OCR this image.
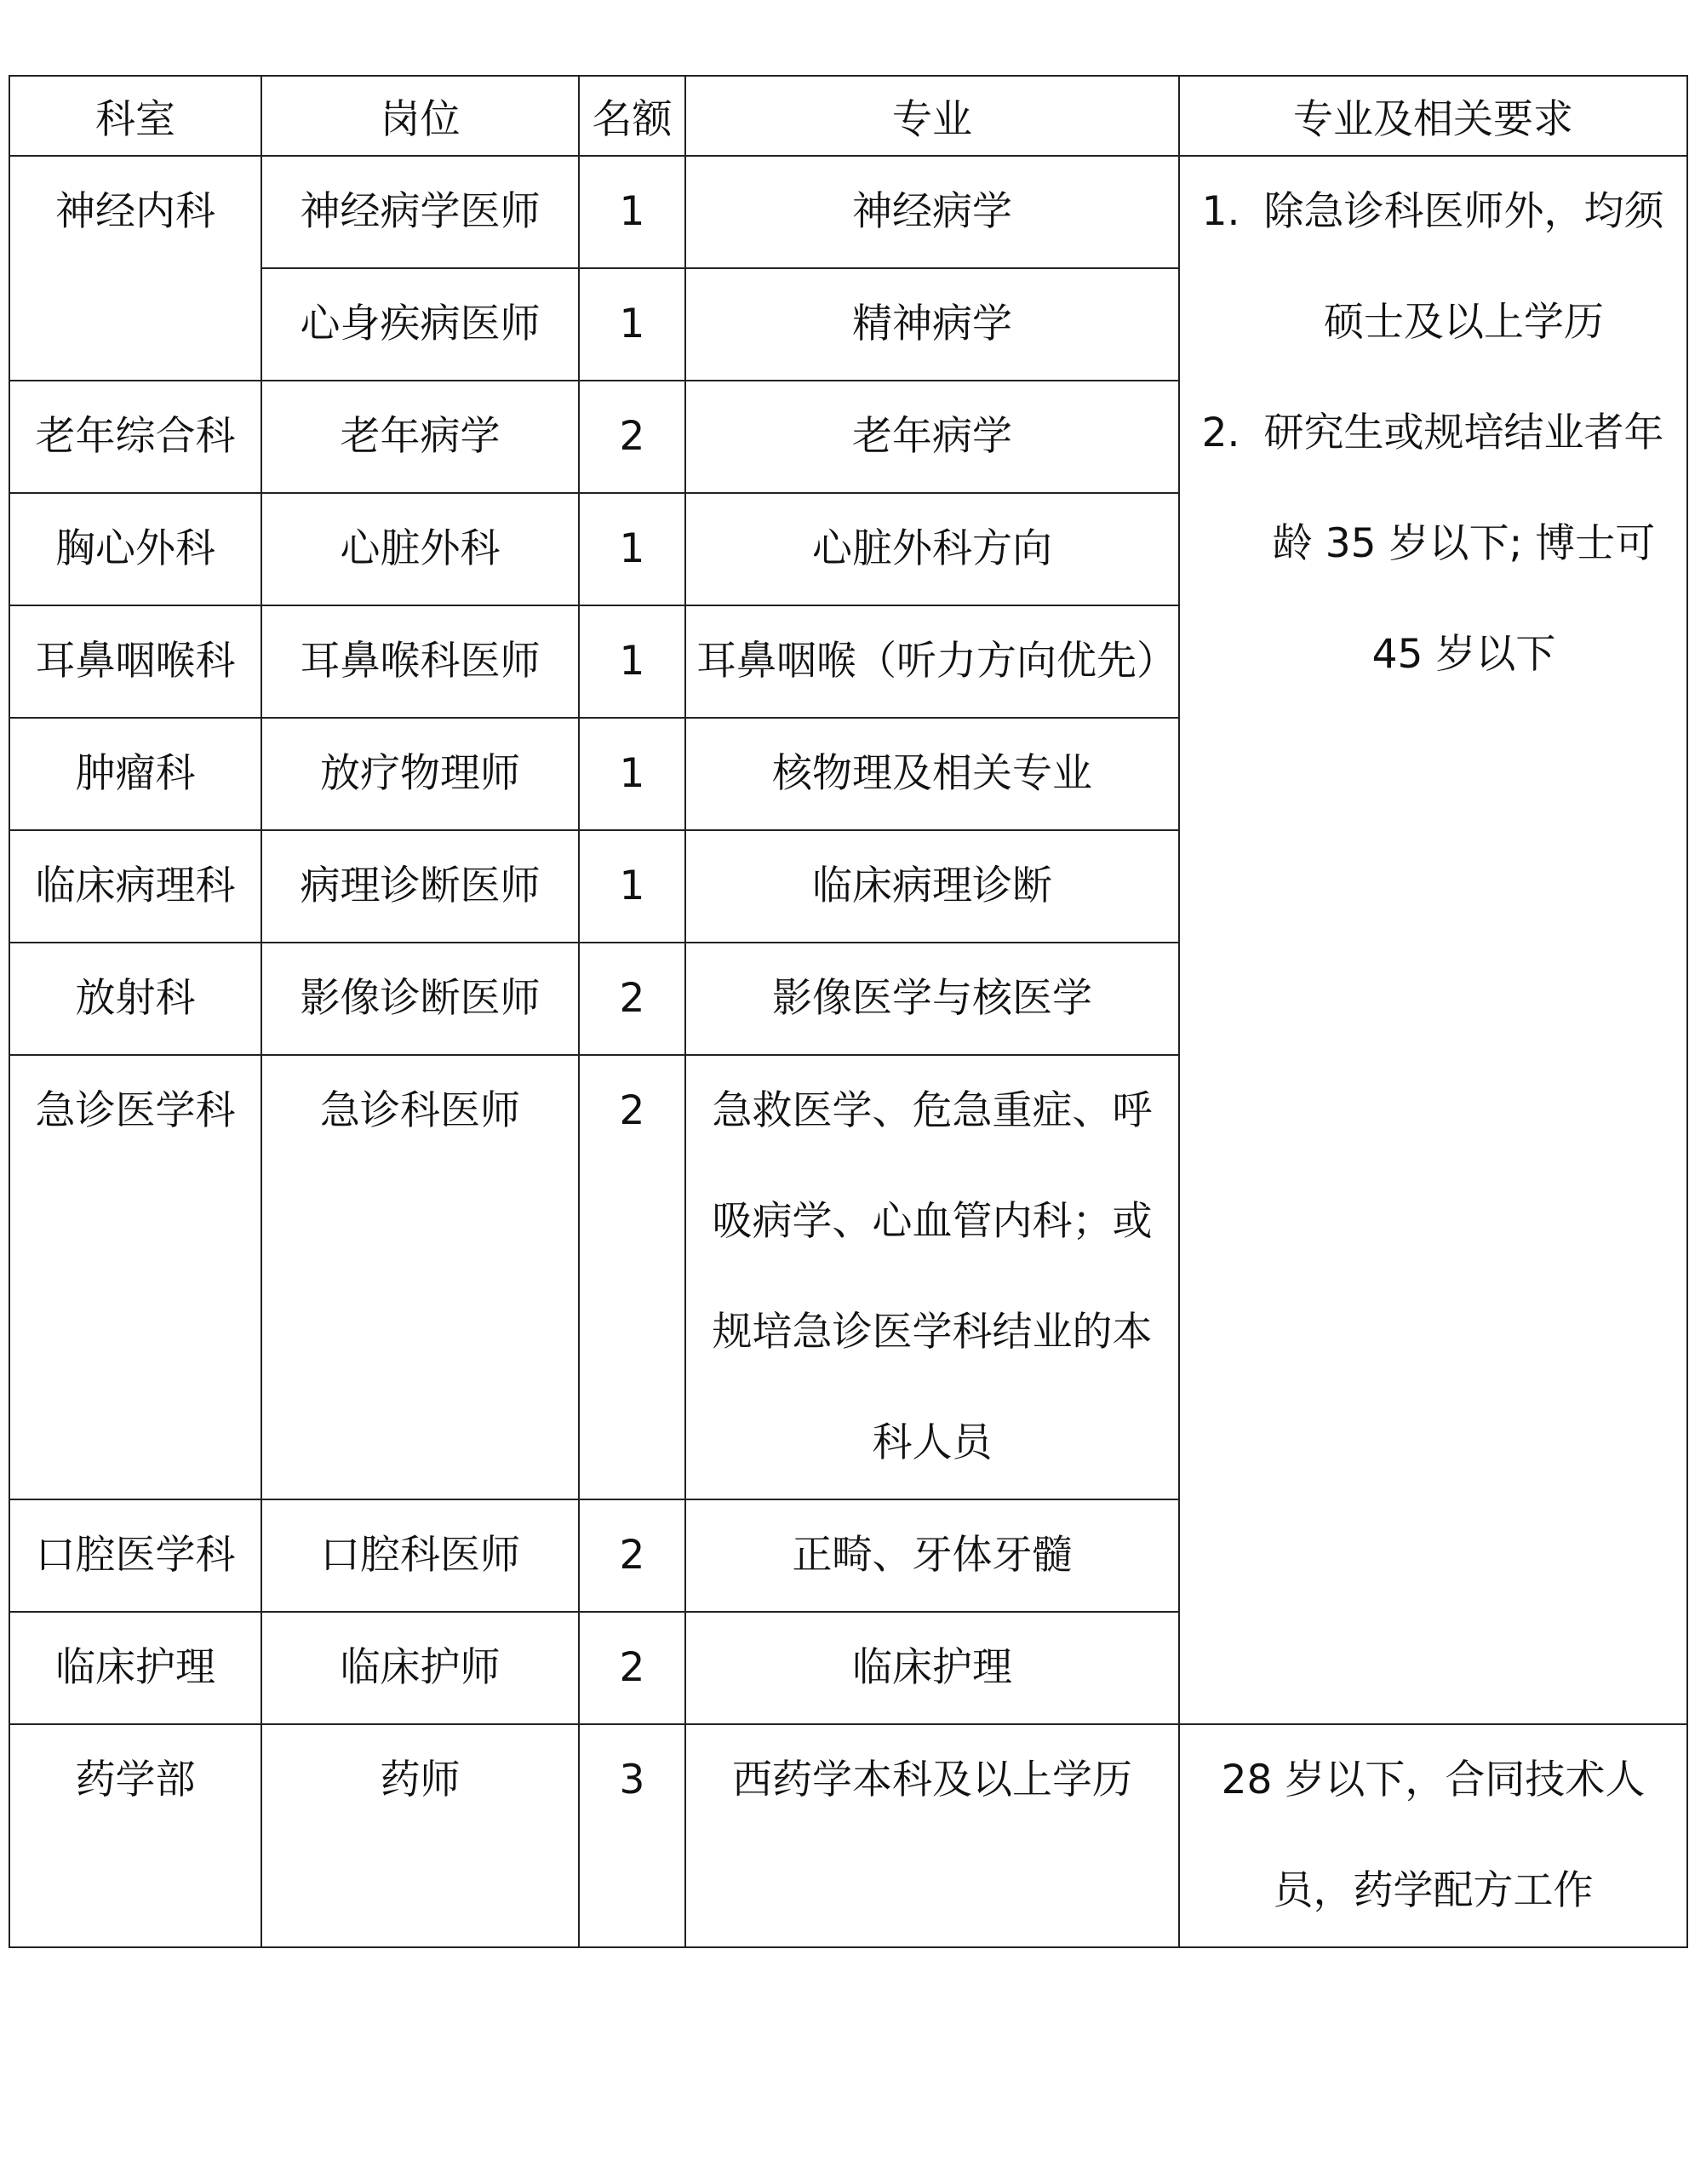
科室	岗位	名额	专业	专业及相关要求
神经内科	神经病学医师	1	神经病学	1. 除急诊科医师外，均须硕士及以上学历
2. 研究生或规培结业者年龄 35 岁以下; 博士可 45 岁以下

	心身疾病医师	1	精神病学	
老年综合科	老年病学	2	老年病学	
胸心外科	心脏外科	1	心脏外科方向	
耳鼻咽喉科	耳鼻喉科医师	1	耳鼻咽喉（听力方向优先）	
肿瘤科	放疗物理师	1	核物理及相关专业	
临床病理科	病理诊断医师	1	临床病理诊断	
放射科	影像诊断医师	2	影像医学与核医学	
急诊医学科	急诊科医师	2	急救医学、危急重症、呼吸病学、心血管内科；或规培急诊医学科结业的本科人员	
口腔医学科	口腔科医师	2	正畸、牙体牙髓	
临床护理	临床护师	2	临床护理	
药学部	药师	3	西药学本科及以上学历	28 岁以下，合同技术人员，药学配方工作
